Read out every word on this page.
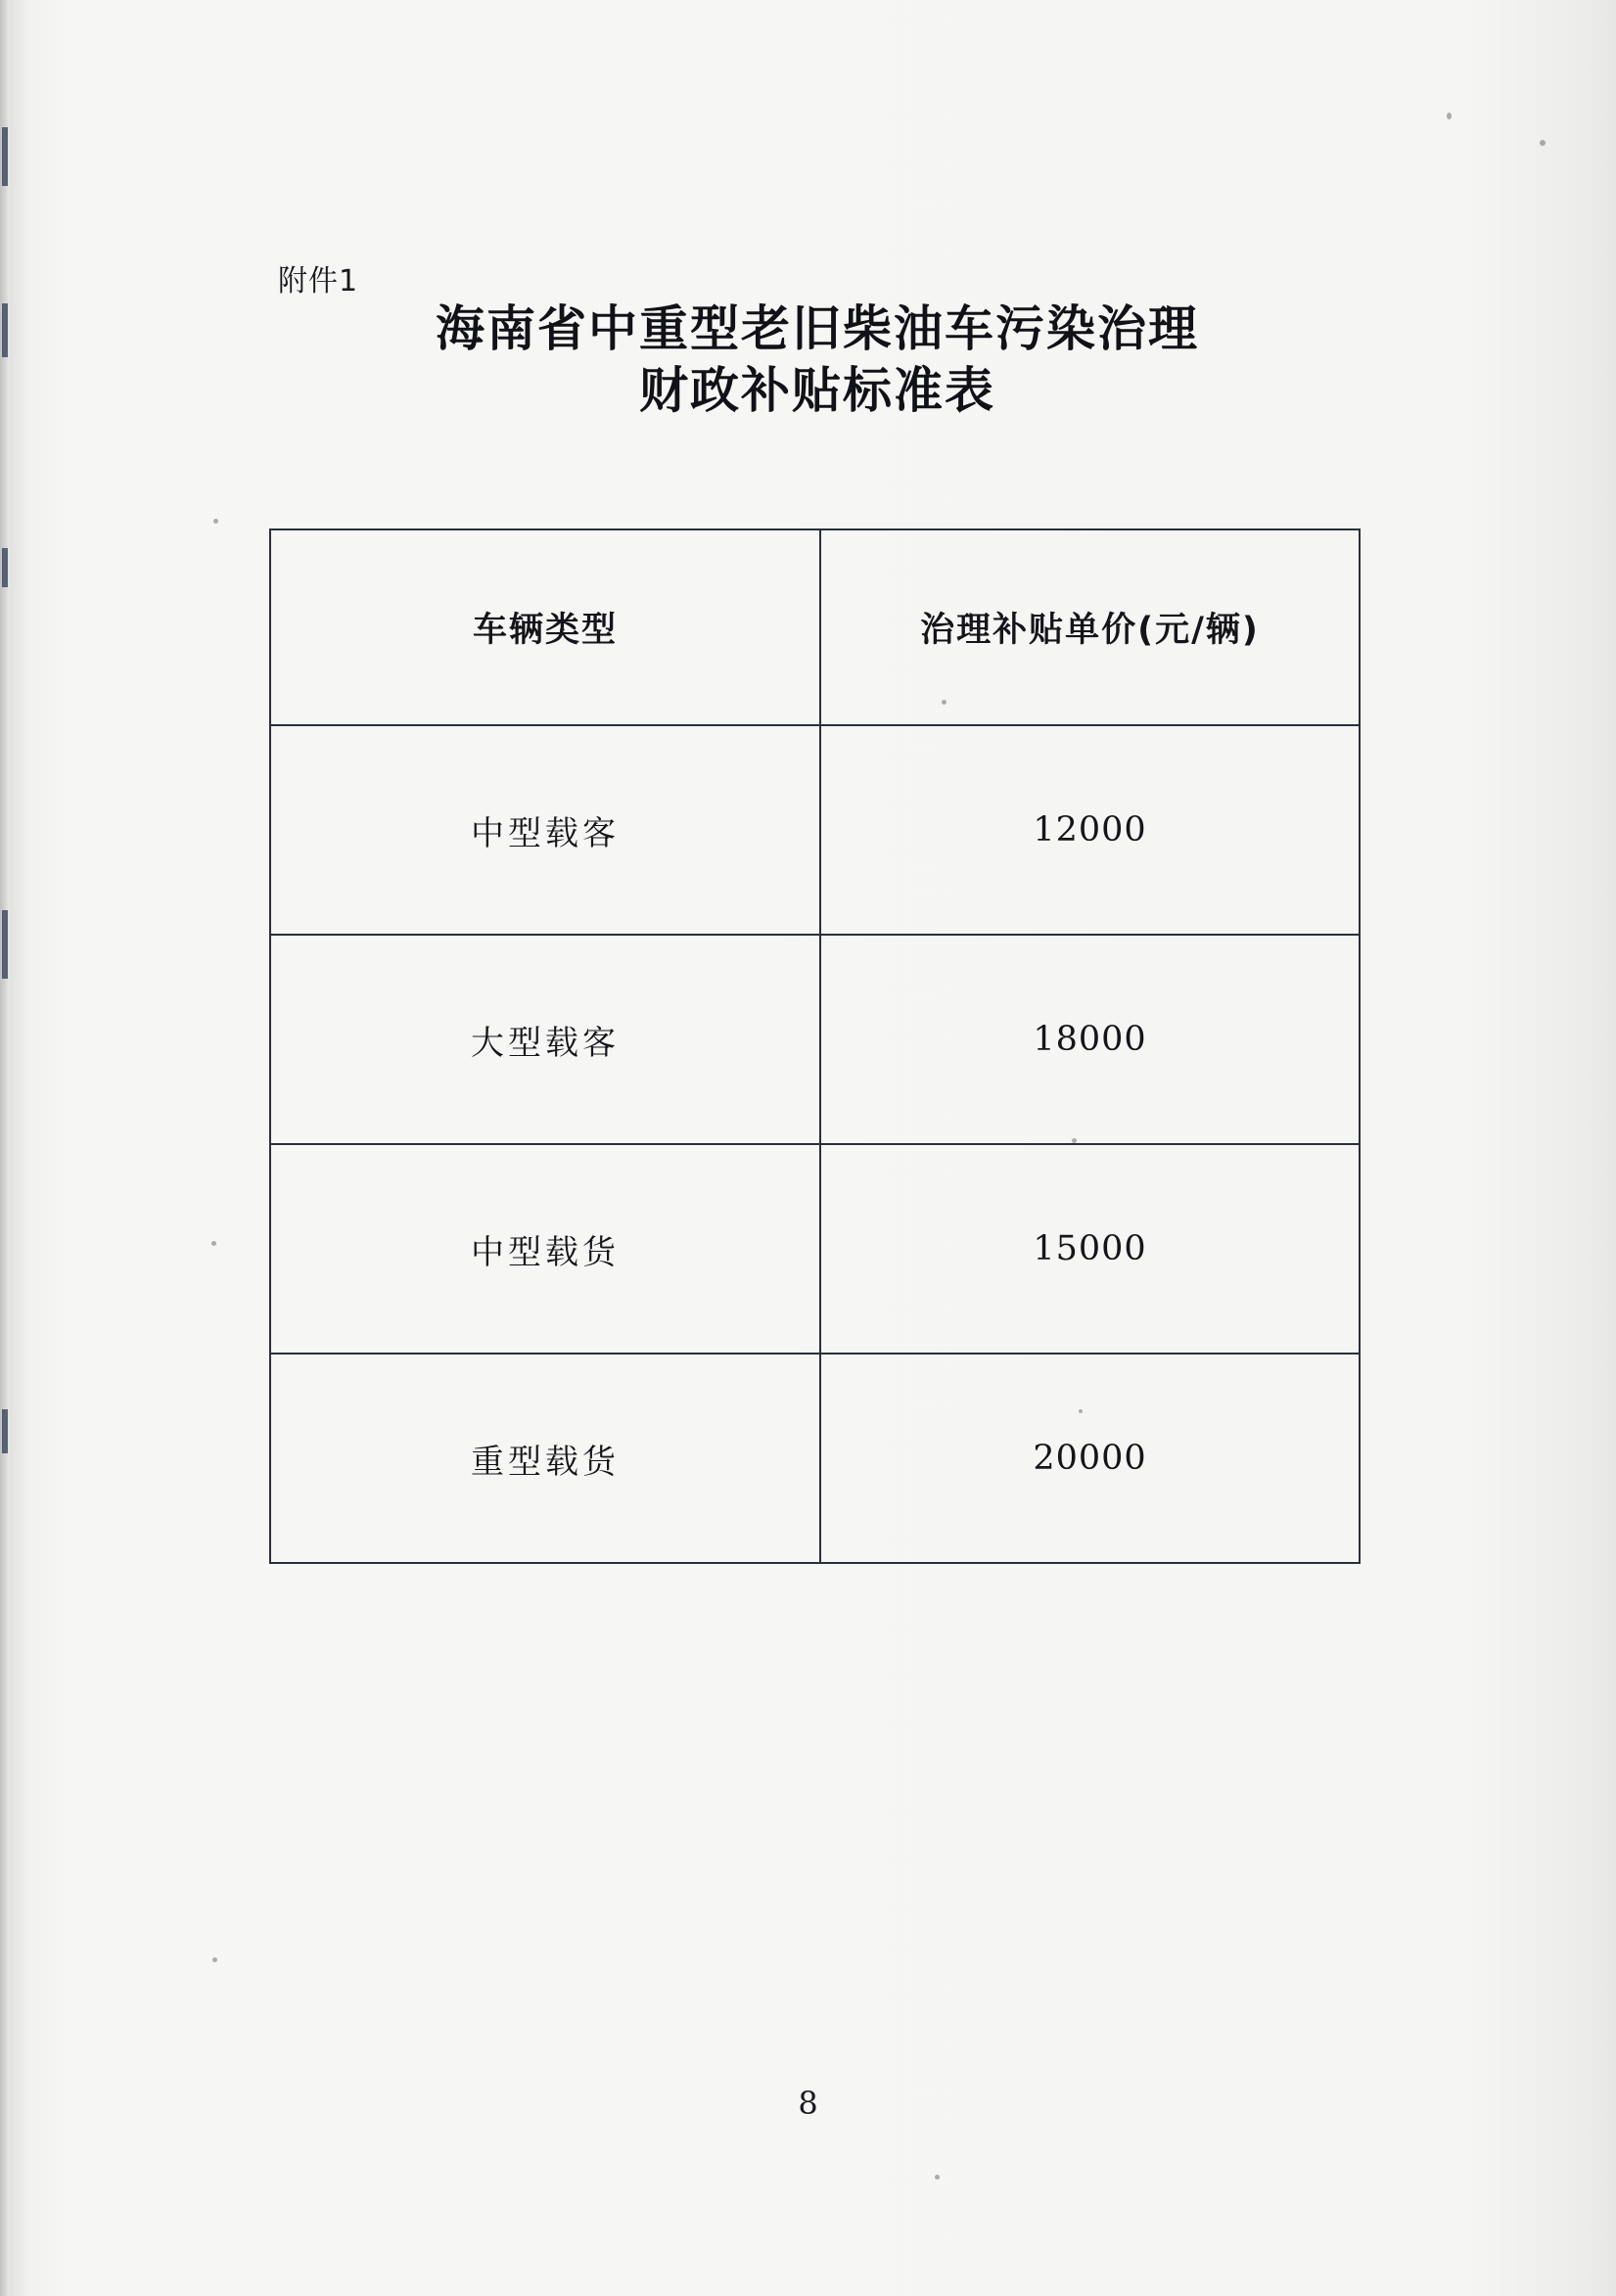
附件1
海南省中重型老旧柴油车污染治理
财政补贴标准表
车辆类型	治理补贴单价(元/辆)
中型载客	12000
大型载客	18000
中型载货	15000
重型载货	20000
8
